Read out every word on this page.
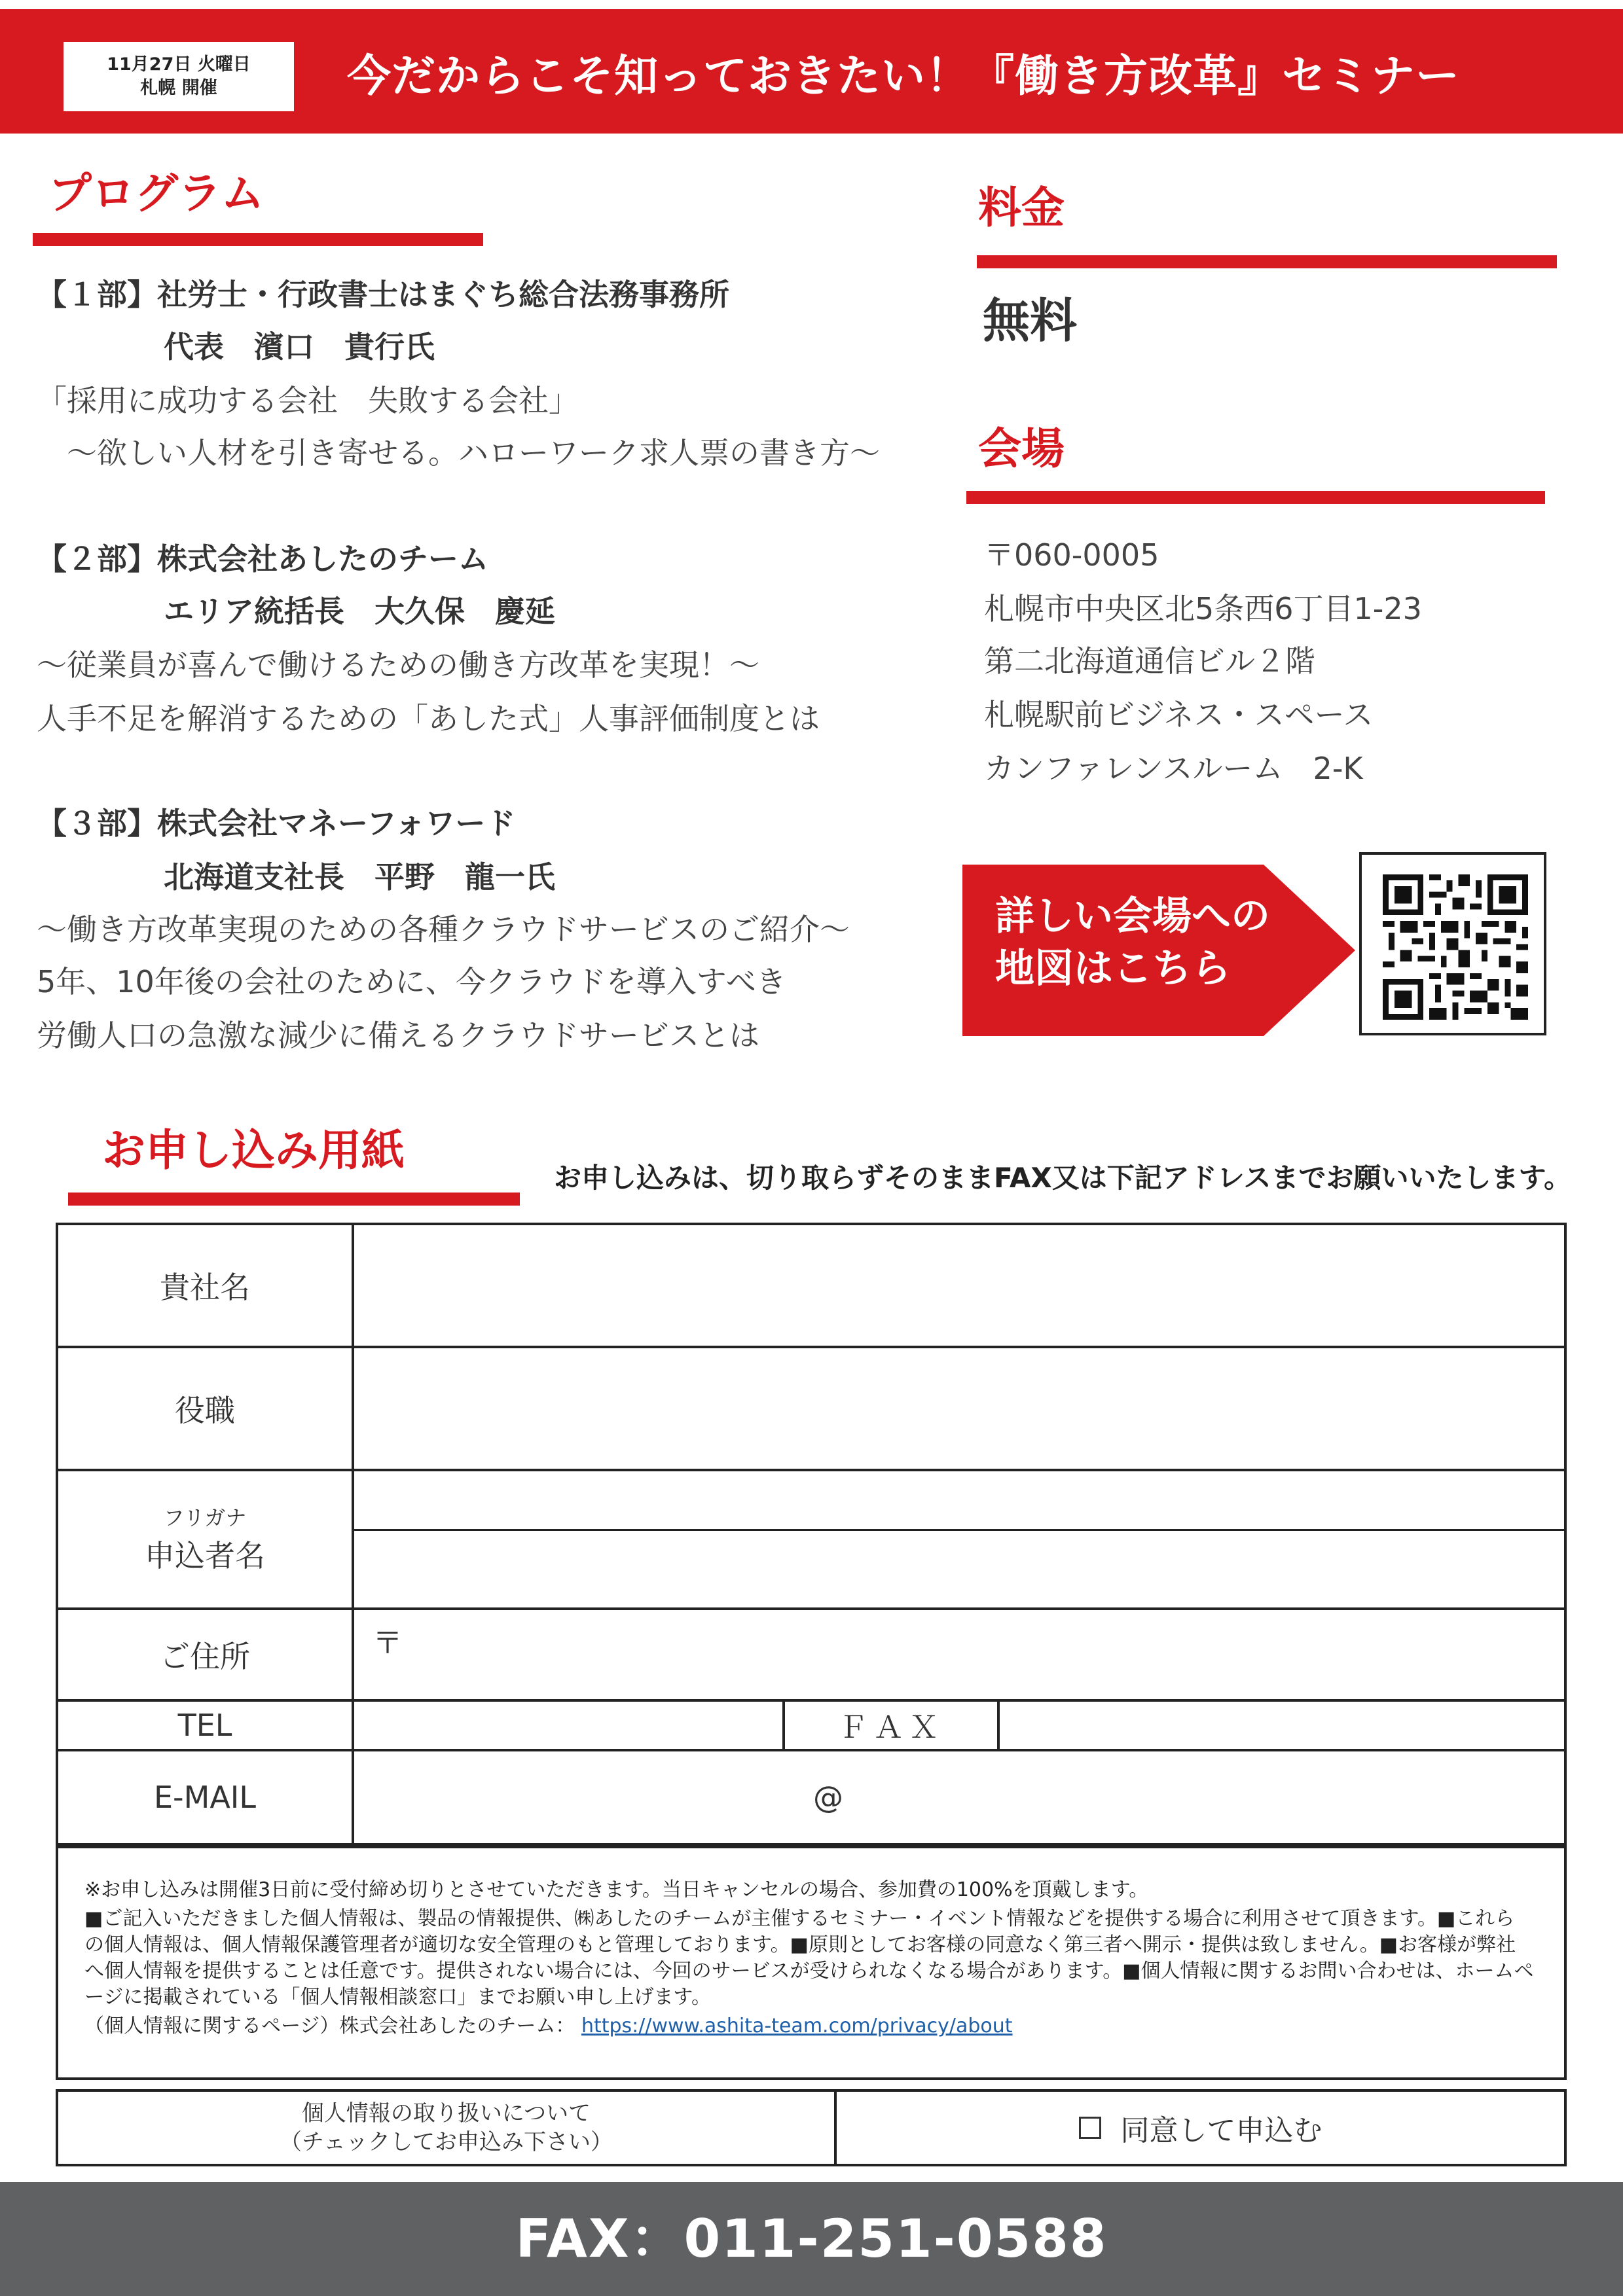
11月27日 火曜日
札幌 開催	今だからこそ知っておきたい！『働き方改革』セミナー
プログラム
【１部】社労士・行政書士はまぐち総合法務事務所
代表　濱口　貴行氏
「採用に成功する会社　失敗する会社」
　～欲しい人材を引き寄せる。ハローワーク求人票の書き方～
【２部】株式会社あしたのチーム
エリア統括長　大久保　慶延
～従業員が喜んで働けるための働き方改革を実現！～
人手不足を解消するための「あした式」人事評価制度とは
【３部】株式会社マネーフォワード
北海道支社長　平野　龍一氏
～働き方改革実現のための各種クラウドサービスのご紹介～
5年、10年後の会社のために、今クラウドを導入すべき
労働人口の急激な減少に備えるクラウドサービスとは
料金
無料
会場
〒060-0005
札幌市中央区北5条西6丁目1-23
第二北海道通信ビル２階
札幌駅前ビジネス・スペース
カンファレンスルーム　2-K
詳しい会場への
地図はこちら
お申し込み用紙
お申し込みは、切り取らずそのままFAX又は下記アドレスまでお願いいたします。
貴社名
役職
フリガナ
申込者名
ご住所
TEL
E-MAIL
〒
ＦＡＸ
@

※お申し込みは開催3日前に受付締め切りとさせていただきます。当日キャンセルの場合、参加費の100%を頂戴します。

■ご記入いただきました個人情報は、製品の情報提供、㈱あしたのチームが主催するセミナー・イベント情報などを提供する場合に利用させて頂きます。■これらの個人情報は、個人情報保護管理者が適切な安全管理のもと管理しております。■原則としてお客様の同意なく第三者へ開示・提供は致しません。■お客様が弊社へ個人情報を提供することは任意です。提供されない場合には、今回のサービスが受けられなくなる場合があります。■個人情報に関するお問い合わせは、ホームページに掲載されている「個人情報相談窓口」までお願い申し上げます。

（個人情報に関するページ）株式会社あしたのチーム： https://www.ashita-team.com/privacy/about

個人情報の取り扱いについて
（チェックしてお申込み下さい）	同意して申込む
FAX：011-251-0588
